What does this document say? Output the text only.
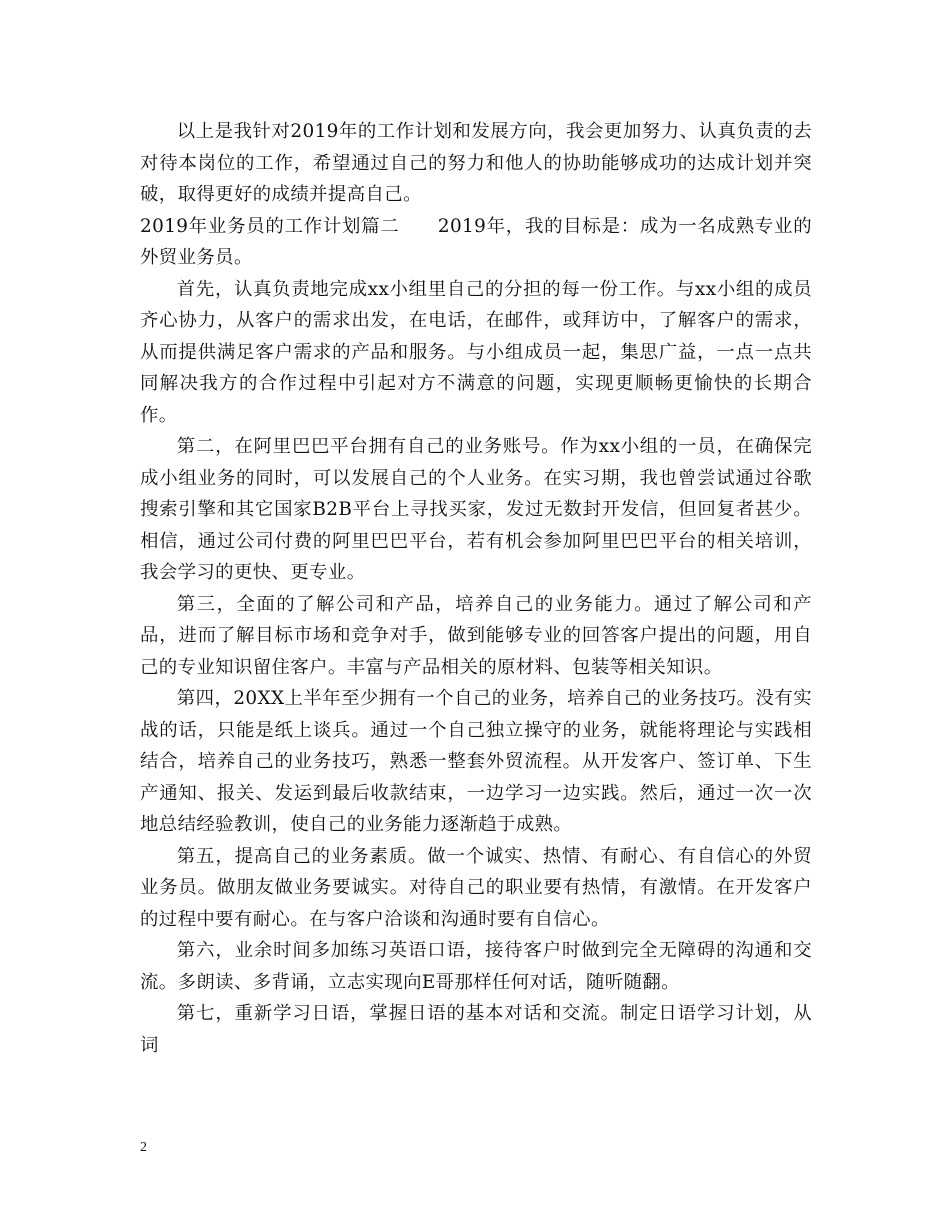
以上是我针对2019年的工作计划和发展方向，我会更加努力、认真负责的去对待本岗位的工作，希望通过自己的努力和他人的协助能够成功的达成计划并突破，取得更好的成绩并提高自己。

2019年业务员的工作计划篇二　　2019年，我的目标是：成为一名成熟专业的外贸业务员。

首先，认真负责地完成xx小组里自己的分担的每一份工作。与xx小组的成员齐心协力，从客户的需求出发，在电话，在邮件，或拜访中，了解客户的需求，从而提供满足客户需求的产品和服务。与小组成员一起，集思广益，一点一点共同解决我方的合作过程中引起对方不满意的问题，实现更顺畅更愉快的长期合作。

第二，在阿里巴巴平台拥有自己的业务账号。作为xx小组的一员，在确保完成小组业务的同时，可以发展自己的个人业务。在实习期，我也曾尝试通过谷歌搜索引擎和其它国家B2B平台上寻找买家，发过无数封开发信，但回复者甚少。相信，通过公司付费的阿里巴巴平台，若有机会参加阿里巴巴平台的相关培训，我会学习的更快、更专业。

第三，全面的了解公司和产品，培养自己的业务能力。通过了解公司和产品，进而了解目标市场和竞争对手，做到能够专业的回答客户提出的问题，用自己的专业知识留住客户。丰富与产品相关的原材料、包装等相关知识。

第四，20XX上半年至少拥有一个自己的业务，培养自己的业务技巧。没有实战的话，只能是纸上谈兵。通过一个自己独立操守的业务，就能将理论与实践相结合，培养自己的业务技巧，熟悉一整套外贸流程。从开发客户、签订单、下生产通知、报关、发运到最后收款结束，一边学习一边实践。然后，通过一次一次地总结经验教训，使自己的业务能力逐渐趋于成熟。

第五，提高自己的业务素质。做一个诚实、热情、有耐心、有自信心的外贸业务员。做朋友做业务要诚实。对待自己的职业要有热情，有激情。在开发客户的过程中要有耐心。在与客户洽谈和沟通时要有自信心。

第六，业余时间多加练习英语口语，接待客户时做到完全无障碍的沟通和交流。多朗读、多背诵，立志实现向E哥那样任何对话，随听随翻。

第七，重新学习日语，掌握日语的基本对话和交流。制定日语学习计划，从词

2
